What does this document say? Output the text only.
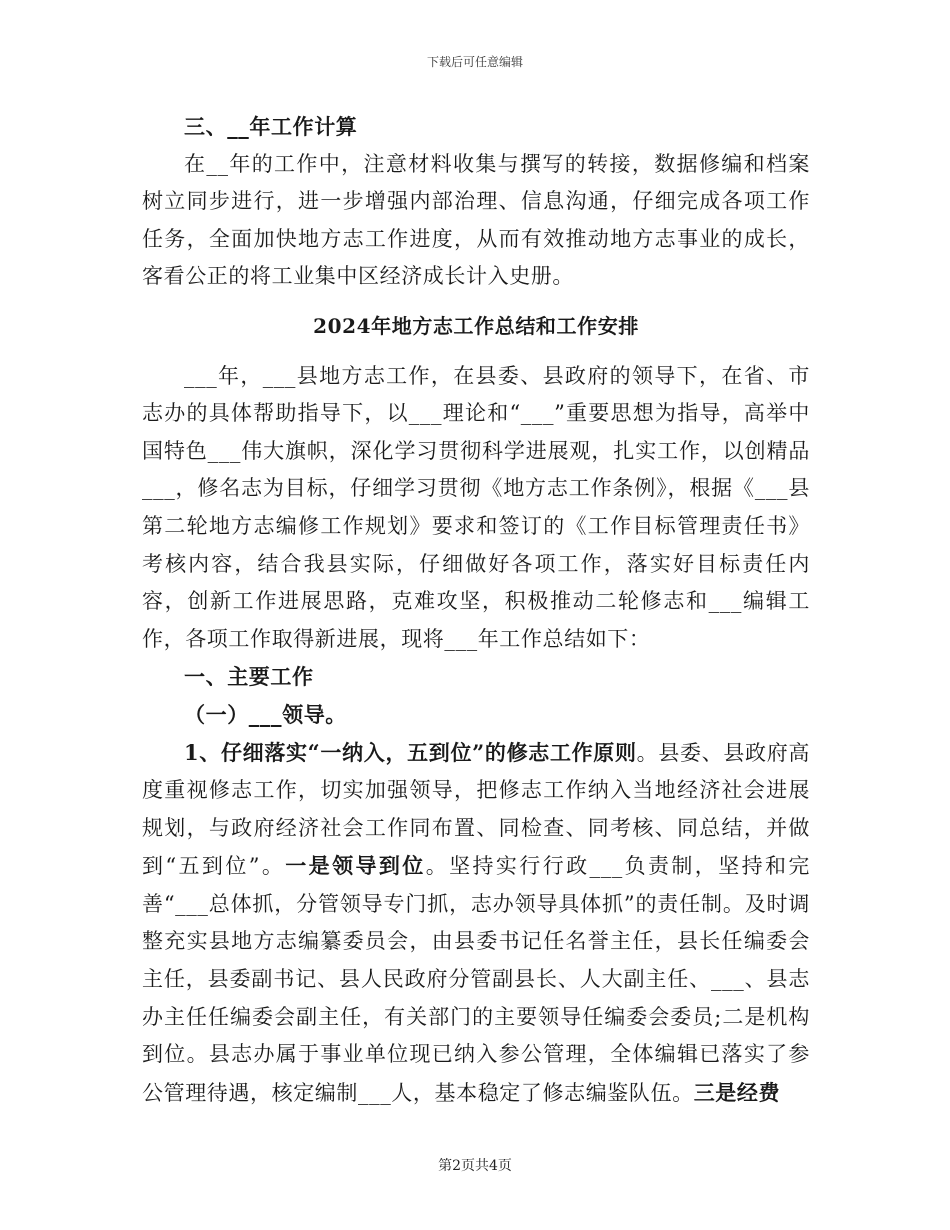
下载后可任意编辑

三、__年工作计算

在__年的工作中，注意材料收集与撰写的转接，数据修编和档案树立同步进行，进一步增强内部治理、信息沟通，仔细完成各项工作任务，全面加快地方志工作进度，从而有效推动地方志事业的成长，客看公正的将工业集中区经济成长计入史册。

2024年地方志工作总结和工作安排

___年，___县地方志工作，在县委、县政府的领导下，在省、市志办的具体帮助指导下，以___理论和“___”重要思想为指导，高举中国特色___伟大旗帜，深化学习贯彻科学进展观，扎实工作，以创精品___，修名志为目标，仔细学习贯彻《地方志工作条例》，根据《___县第二轮地方志编修工作规划》要求和签订的《工作目标管理责任书》考核内容，结合我县实际，仔细做好各项工作，落实好目标责任内容，创新工作进展思路，克难攻坚，积极推动二轮修志和___编辑工作，各项工作取得新进展，现将___年工作总结如下：

一、主要工作

（一）___领导。

1、仔细落实“一纳入，五到位”的修志工作原则。县委、县政府高度重视修志工作，切实加强领导，把修志工作纳入当地经济社会进展规划，与政府经济社会工作同布置、同检查、同考核、同总结，并做到“五到位”。一是领导到位。坚持实行行政___负责制，坚持和完善“___总体抓，分管领导专门抓，志办领导具体抓”的责任制。及时调整充实县地方志编纂委员会，由县委书记任名誉主任，县长任编委会主任，县委副书记、县人民政府分管副县长、人大副主任、___、县志办主任任编委会副主任，有关部门的主要领导任编委会委员;二是机构到位。县志办属于事业单位现已纳入参公管理，全体编辑已落实了参公管理待遇，核定编制___人，基本稳定了修志编鉴队伍。三是经费

第2页共4页
